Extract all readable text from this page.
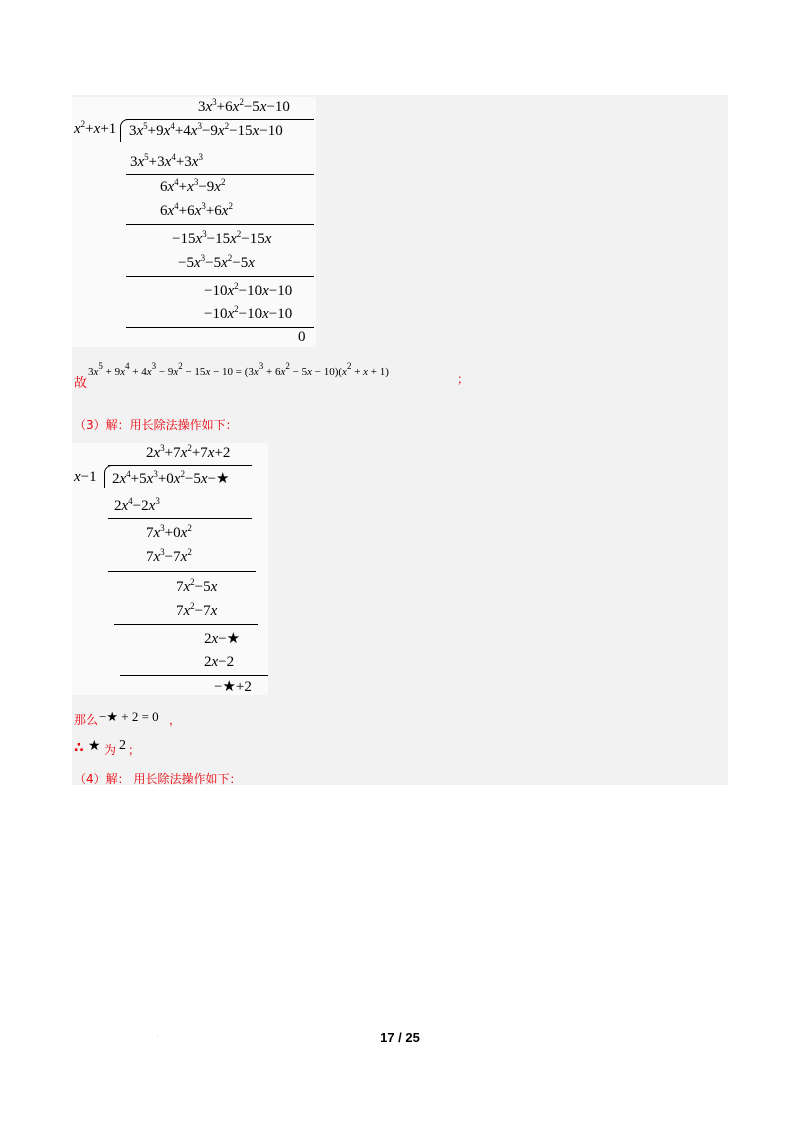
$3x^3+6x^2-5x-10$
$x^2+x+1$ $3x^5+9x^4+4x^3-9x^2-15x-10$
$3x^5+3x^4+3x^3$
$6x^4+x^3-9x^2$
$6x^4+6x^3+6x^2$
$-15x^3-15x^2-15x$
$-5x^3-5x^2-5x$
$-10x^2-10x-10$
$-10x^2-10x-10$
0
故
$3x^5 + 9x^4 + 4x^3 - 9x^2 - 15x - 10 = (3x^3 + 6x^2 - 5x - 10)(x^2 + x + 1)$	；
（3）解：用长除法操作如下：
$2x^3+7x^2+7x+2$
x−1 $2x^4+5x^3+0x^2-5x-★$
$2x^4-2x^3$
$7x^3+0x^2$
$7x^3-7x^2$
$7x^2-5x$
$7x^2-7x$
2x−★
2x−2
−★+2
那么 −★ + 2 = 0 ，
∴ ★ 为 2 ；
（4）解： 用长除法操作如下：
.	17 / 25
